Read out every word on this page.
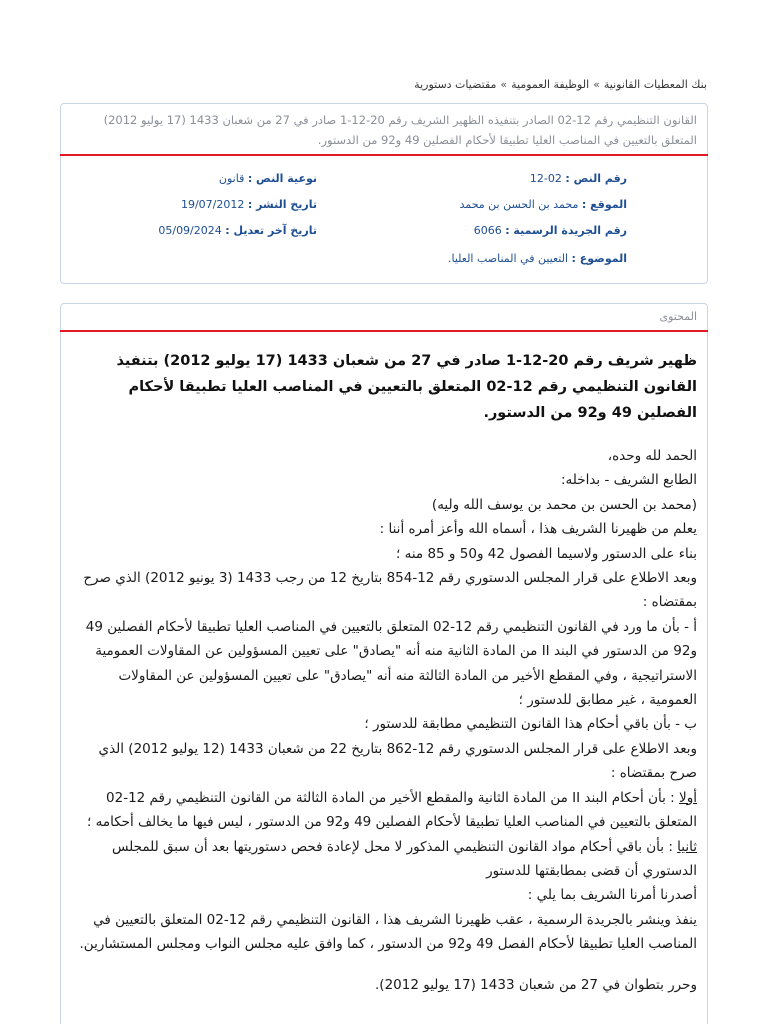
بنك المعطيات القانونية»الوظيفة العمومية»مقتضيات دستورية
القانون التنظيمي رقم 12-02 الصادر بتنفيذه الظهير الشريف رقم 20-12-1 صادر في 27 من شعبان 1433 (17 يوليو 2012) المتعلق بالتعيين في المناصب العليا تطبيقا لأحكام الفصلين 49 و92 من الدستور.
رقم النص : 02-12
نوعية النص : قانون
الموقع : محمد بن الحسن بن محمد
تاريخ النشر : 19/07/2012
رقم الجريدة الرسمية : 6066
تاريخ آخر تعديل : 05/09/2024
الموضوع : التعيين في المناصب العليا.
المحتوى
ظهير شريف رقم 20-12-1 صادر في 27 من شعبان 1433 (17 يوليو 2012) بتنفيذ القانون التنظيمي رقم 12-02 المتعلق بالتعيين في المناصب العليا تطبيقا لأحكام الفصلين 49 و92 من الدستور.

الحمد لله وحده،

الطابع الشريف - بداخله:

(محمد بن الحسن بن محمد بن يوسف الله وليه)

يعلم من ظهيرنا الشريف هذا ، أسماه الله وأعز أمره أننا :

بناء على الدستور ولاسيما الفصول 42 و50 و 85 منه ؛

وبعد الاطلاع على قرار المجلس الدستوري رقم 12-854 بتاريخ 12 من رجب 1433 (3 يونيو 2012) الذي صرح بمقتضاه :

أ - بأن ما ورد في القانون التنظيمي رقم 12-02 المتعلق بالتعيين في المناصب العليا تطبيقا لأحكام الفصلين 49 و92 من الدستور في البند II من المادة الثانية منه أنه "يصادق" على تعيين المسؤولين عن المقاولات العمومية الاستراتيجية ، وفي المقطع الأخير من المادة الثالثة منه أنه "يصادق" على تعيين المسؤولين عن المقاولات العمومية ، غير مطابق للدستور ؛

ب - بأن باقي أحكام هذا القانون التنظيمي مطابقة للدستور ؛

وبعد الاطلاع على قرار المجلس الدستوري رقم 12-862 بتاريخ 22 من شعبان 1433 (12 يوليو 2012) الذي صرح بمقتضاه :

أولا : بأن أحكام البند II من المادة الثانية والمقطع الأخير من المادة الثالثة من القانون التنظيمي رقم 12-02 المتعلق بالتعيين في المناصب العليا تطبيقا لأحكام الفصلين 49 و92 من الدستور ، ليس فيها ما يخالف أحكامه ؛

ثانيا : بأن باقي أحكام مواد القانون التنظيمي المذكور لا محل لإعادة فحص دستوريتها بعد أن سبق للمجلس الدستوري أن قضى بمطابقتها للدستور

أصدرنا أمرنا الشريف بما يلي :

ينفذ وينشر بالجريدة الرسمية ، عقب ظهيرنا الشريف هذا ، القانون التنظيمي رقم 12-02 المتعلق بالتعيين في المناصب العليا تطبيقا لأحكام الفصل 49 و92 من الدستور ، كما وافق عليه مجلس النواب ومجلس المستشارين.

وحرر بتطوان في 27 من شعبان 1433 (17 يوليو 2012).
